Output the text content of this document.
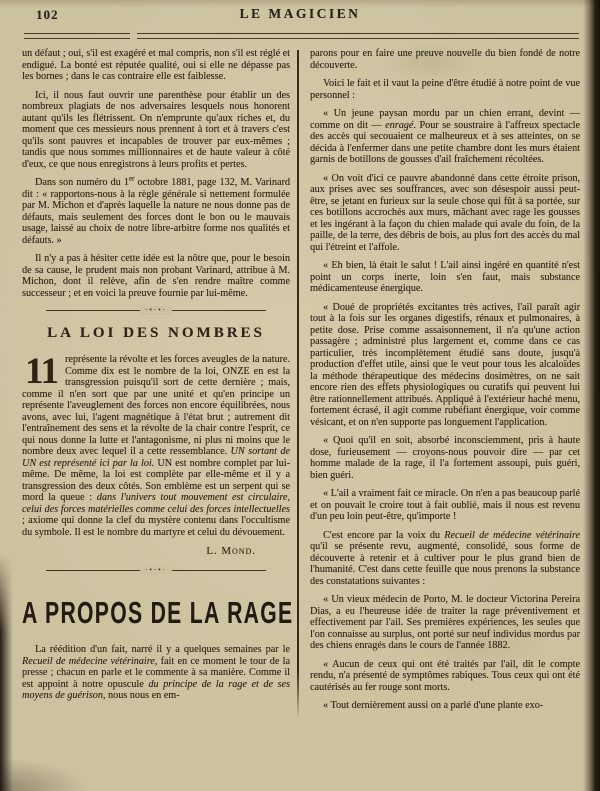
102	LE MAGICIEN

un défaut ; oui, s'il est exagéré et mal compris, non s'il est réglé et endigué. La bonté est réputée qualité, oui si elle ne dépasse pas les bornes ; dans le cas contraire elle est faiblesse.

Ici, il nous faut ouvrir une parenthèse pour établir un des nombreux plagiats de nos adversaires lesquels nous honorent autant qu'ils les flétrissent. On n'emprunte qu'aux riches et, du moment que ces messieurs nous prennent à tort et à travers c'est qu'ils sont pauvres et incapables de trouver par eux-mêmes ; tandis que nous sommes millionnaires et de haute valeur à côté d'eux, ce que nous enregistrons à leurs profits et pertes.

Dans son numéro du 1er octobre 1881, page 132, M. Varinard dit : « rapportons-nous à la règle générale si nettement formulée par M. Michon et d'après laquelle la nature ne nous donne pas de défauts, mais seulement des forces dont le bon ou le mauvais usage, laissé au choix de notre libre-arbitre forme nos qualités et défauts. »

Il n'y a pas à hésiter cette idée est la nôtre que, pour le besoin de sa cause, le prudent mais non probant Varinard, attribue à M. Michon, dont il relève, afin de s'en rendre maître comme successeur ; et en voici la preuve fournie par lui-même.

·•·•·
LA LOI DES NOMBRES

11 représente la révolte et les forces aveugles de la nature. Comme dix est le nombre de la loi, ONZE en est la transgression puisqu'il sort de cette dernière ; mais, comme il n'en sort que par une unité et qu'en principe un représente l'aveuglement des forces non encore équilibrées, nous avons, avec lui, l'agent magnétique à l'état brut ; autrement dit l'entraînement des sens et la révolte de la chair contre l'esprit, ce qui nous donne la lutte et l'antagonisme, ni plus ni moins que le nombre deux avec lequel il a cette ressemblance. UN sortant de UN est représenté ici par la loi. UN est nombre complet par lui-même. De même, la loi est complète par elle-même et il y a transgression des deux côtés. Son emblème est un serpent qui se mord la queue : dans l'univers tout mouvement est circulaire, celui des forces matérielles comme celui des forces intellectuelles ; axiome qui donne la clef du mystère contenu dans l'occultisme du symbole. Il est le nombre du martyre et celui du dévouement.

L. Mond.
·•·•·
A PROPOS DE LA RAGE

La réédition d'un fait, narré il y a quelques semaines par le Recueil de médecine vétérinaire, fait en ce moment le tour de la presse ; chacun en parle et le commente à sa manière. Comme il est appoint à notre opuscule du principe de la rage et de ses moyens de guérison, nous nous en em-

parons pour en faire une preuve nouvelle du bien fondé de notre découverte.

Voici le fait et il vaut la peine d'être étudié à notre point de vue personnel :

« Un jeune paysan mordu par un chien errant, devint — comme on dit — enragé. Pour se soustraire à l'affreux spectacle des accès qui secouaient ce malheureux et à ses atteintes, on se décida à l'enfermer dans une petite chambre dont les murs étaient garnis de botillons de gousses d'ail fraîchement récoltées.

« On voit d'ici ce pauvre abandonné dans cette étroite prison, aux prises avec ses souffrances, avec son désespoir aussi peut-être, se jetant en furieux sur la seule chose qui fût à sa portée, sur ces botillons accrochés aux murs, mâchant avec rage les gousses et les ingérant à la façon du chien malade qui avale du foin, de la paille, de la terre, des débris de bois, au plus fort des accès du mal qui l'étreint et l'affole.

« Eh bien, là était le salut ! L'ail ainsi ingéré en quantité n'est point un corps inerte, loin s'en faut, mais substance médicamenteuse énergique.

« Doué de propriétés excitantes très actives, l'ail paraît agir tout à la fois sur les organes digestifs, rénaux et pulmonaires, à petite dose. Prise comme assaisonnement, il n'a qu'une action passagère ; administré plus largement et, comme dans ce cas particulier, très incomplètement étudié sans doute, jusqu'à production d'effet utile, ainsi que le veut pour tous les alcaloïdes la méthode thérapeutique des médecins dosimètres, on ne sait encore rien des effets physiologiques ou curatifs qui peuvent lui être rationnellement attribués. Appliqué à l'extérieur haché menu, fortement écrasé, il agit comme rubéfiant énergique, voir comme vésicant, et on n'en supporte pas longuement l'application.

« Quoi qu'il en soit, absorbé inconsciemment, pris à haute dose, furieusement — croyons-nous pouvoir dire — par cet homme malade de la rage, il l'a fortement assoupi, puis guéri, bien guéri.

« L'ail a vraiment fait ce miracle. On n'en a pas beaucoup parlé et on pouvait le croire tout à fait oublié, mais il nous est revenu d'un peu loin peut-être, qu'importe !

C'est encore par la voix du Recueil de médecine vétérinaire qu'il se présente revu, augmenté, consolidé, sous forme de découverte à retenir et à cultiver pour le plus grand bien de l'humanité. C'est dans cette feuille que nous prenons la substance des constatations suivantes :

« Un vieux médecin de Porto, M. le docteur Victorina Pereira Dias, a eu l'heureuse idée de traiter la rage préventivement et effectivement par l'ail. Ses premières expériences, les seules que l'on connaisse au surplus, ont porté sur neuf individus mordus par des chiens enragés dans le cours de l'année 1882.

« Aucun de ceux qui ont été traités par l'ail, dit le compte rendu, n'a présenté de symptômes rabiques. Tous ceux qui ont été cautérisés au fer rouge sont morts.

« Tout dernièrement aussi on a parlé d'une plante exo-
